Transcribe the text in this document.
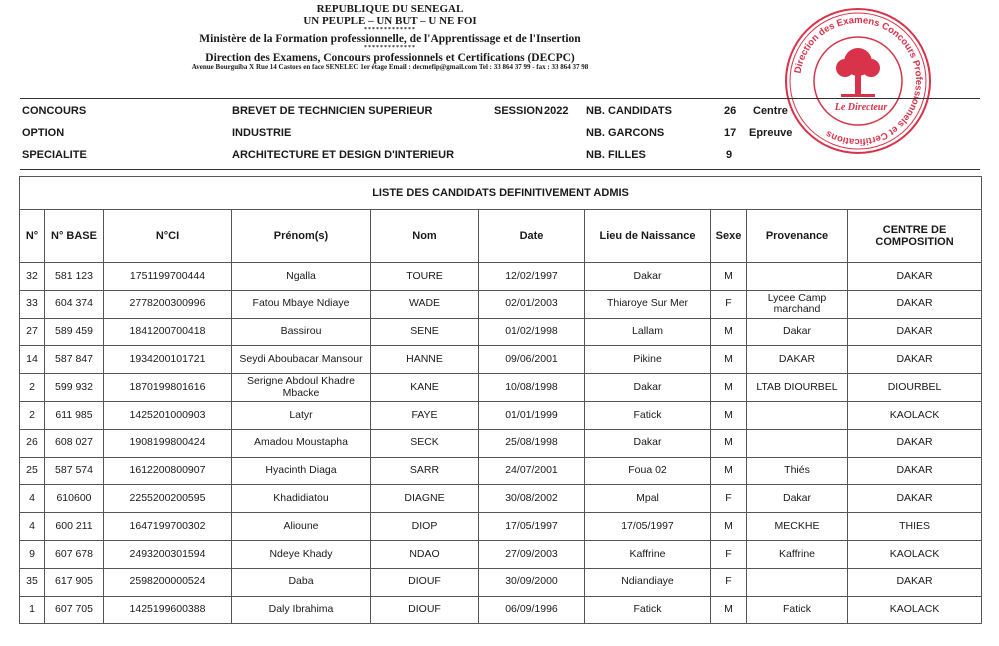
REPUBLIQUE DU SENEGAL
UN PEUPLE – UN BUT – U NE FOI
*************
Ministère de la Formation professionnelle, de l'Apprentissage et de l'Insertion
*************
Direction des Examens, Concours professionnels et Certifications (DECPC)
Avenue Bourguiba X Rue 14 Castors en face SENELEC 1er étage Email : decmefip@gmail.com Tel : 33 864 37 99 - fax : 33 864 37 98	Direction des Examens Concours Professionnels et Certifications
Le Directeur
CONCOURS	BREVET DE TECHNICIEN SUPERIEUR	SESSION 2022 NB. CANDIDATS	26 Centre
OPTION	INDUSTRIE	NB. GARCONS	17 Epreuve
SPECIALITE	ARCHITECTURE ET DESIGN D'INTERIEUR	NB. FILLES	9
LISTE DES CANDIDATS DEFINITIVEMENT ADMIS									
N°	N° BASE	N°CI	Prénom(s)	Nom	Date	Lieu de Naissance	Sexe	Provenance	CENTRE DE COMPOSITION
32	581 123	1751199700444	Ngalla	TOURE	12/02/1997	Dakar	M		DAKAR
33	604 374	2778200300996	Fatou Mbaye Ndiaye	WADE	02/01/2003	Thiaroye Sur Mer	F	Lycee Camp marchand	DAKAR
27	589 459	1841200700418	Bassirou	SENE	01/02/1998	Lallam	M	Dakar	DAKAR
14	587 847	1934200101721	Seydi Aboubacar Mansour	HANNE	09/06/2001	Pikine	M	DAKAR	DAKAR
2	599 932	1870199801616	Serigne Abdoul Khadre Mbacke	KANE	10/08/1998	Dakar	M	LTAB DIOURBEL	DIOURBEL
2	611 985	1425201000903	Latyr	FAYE	01/01/1999	Fatick	M		KAOLACK
26	608 027	1908199800424	Amadou Moustapha	SECK	25/08/1998	Dakar	M		DAKAR
25	587 574	1612200800907	Hyacinth Diaga	SARR	24/07/2001	Foua 02	M	Thiés	DAKAR
4	610600	2255200200595	Khadidiatou	DIAGNE	30/08/2002	Mpal	F	Dakar	DAKAR
4	600 211	1647199700302	Alioune	DIOP	17/05/1997	17/05/1997	M	MECKHE	THIES
9	607 678	2493200301594	Ndeye Khady	NDAO	27/09/2003	Kaffrine	F	Kaffrine	KAOLACK
35	617 905	2598200000524	Daba	DIOUF	30/09/2000	Ndiandiaye	F		DAKAR
1	607 705	1425199600388	Daly Ibrahima	DIOUF	06/09/1996	Fatick	M	Fatick	KAOLACK
